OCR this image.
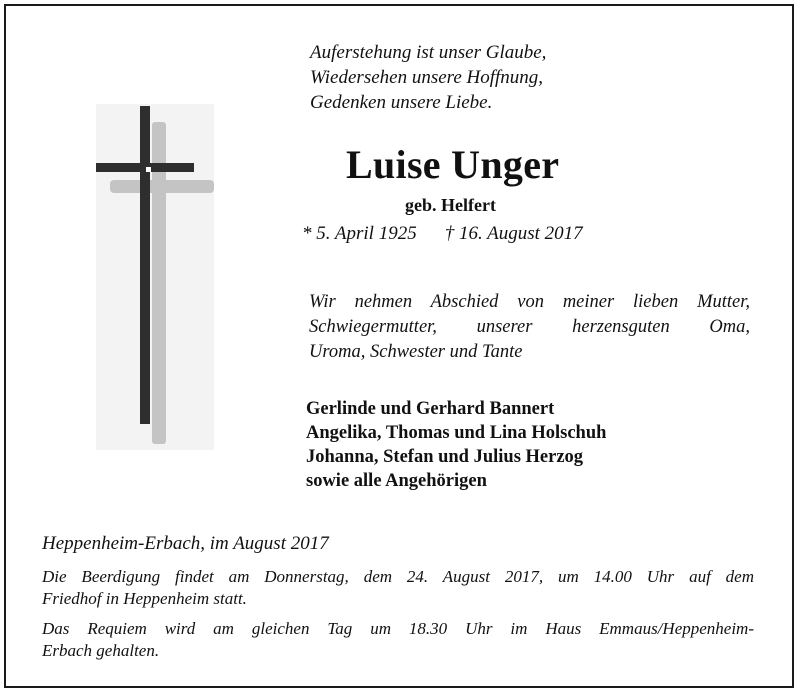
Auferstehung ist unser Glaube,
Wiedersehen unsere Hoffnung,
Gedenken unsere Liebe.
Luise Unger
geb. Helfert
* 5. April 1925 † 16. August 2017
Wir nehmen Abschied von meiner lieben Mutter,
Schwiegermutter, unserer herzensguten Oma,
Uroma, Schwester und Tante
Gerlinde und Gerhard Bannert
Angelika, Thomas und Lina Holschuh
Johanna, Stefan und Julius Herzog
sowie alle Angehörigen
Heppenheim-Erbach, im August 2017
Die Beerdigung findet am Donnerstag, dem 24. August 2017, um 14.00 Uhr auf dem
Friedhof in Heppenheim statt.
Das Requiem wird am gleichen Tag um 18.30 Uhr im Haus Emmaus/Heppenheim-
Erbach gehalten.
